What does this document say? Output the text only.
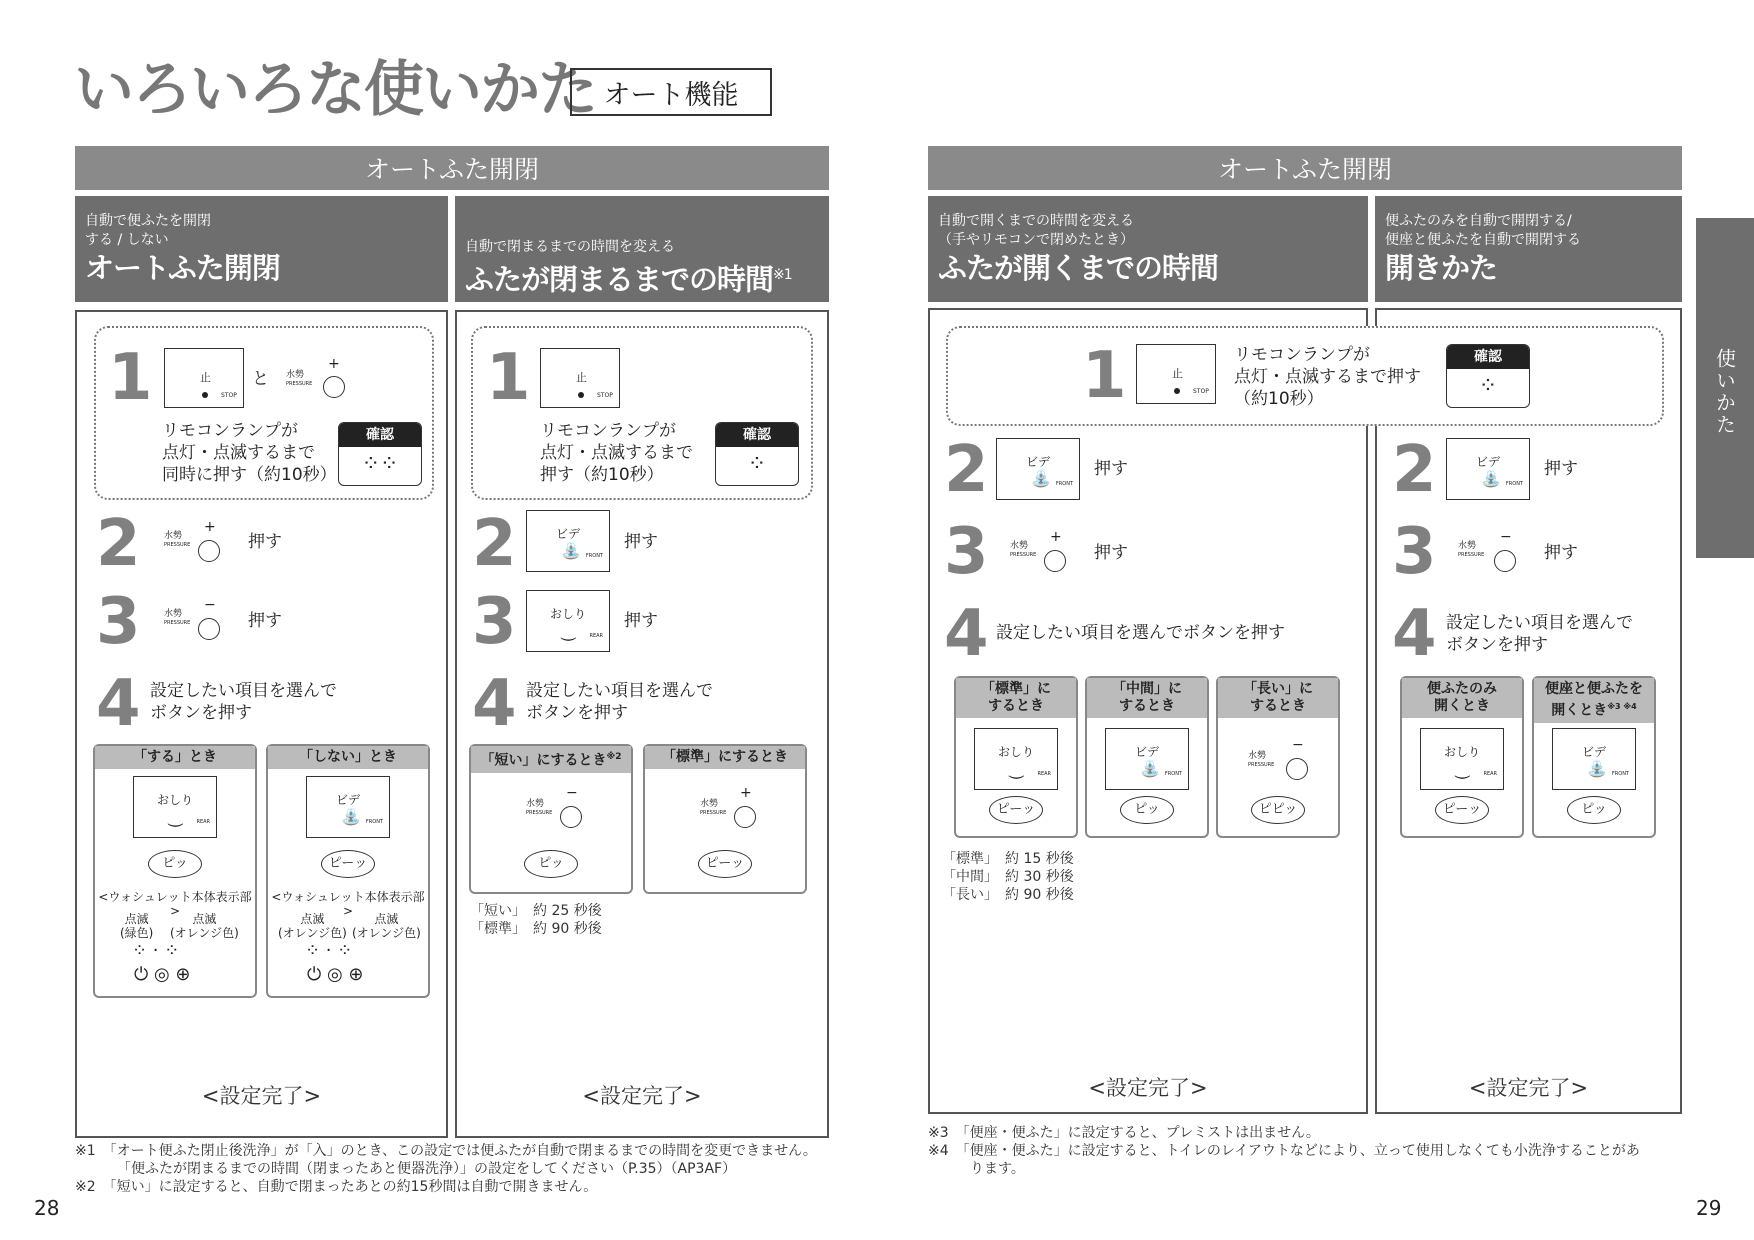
いろいろな使いかた オート機能
オートふた開閉	オートふた開閉
自動で便ふたを開閉
する / しない
オートふた開閉
1	止
STOP
と 水勢
PRESSURE
+
リモコンランプが
点灯・点滅するまで
同時に押す（約10秒）
確認
⁘⁘
2	水勢
PRESSURE
+
押す
3	水勢
PRESSURE
−
押す
4 設定したい項目を選んで
ボタンを押す
「する」とき
おしり
⏝	REAR
ピッ
<ウォシュレット本体表示部>
点滅
(緑色)
点滅
(オレンジ色)
⁘ · ⁘
⏻ ◎ ⊕
「しない」とき
ビデ
⛲ FRONT
ピーッ
<ウォシュレット本体表示部>
点滅
(オレンジ色)
点滅
(オレンジ色)
⁘ · ⁘
⏻ ◎ ⊕
<設定完了>
自動で閉まるまでの時間を変える
ふたが閉まるまでの時間$^{※1}$
1	止
STOP
リモコンランプが
点灯・点滅するまで
押す（約10秒）
確認
⁘
2	ビデ
⛲ FRONT
押す
3	おしり
⏝	REAR
押す
4 設定したい項目を選んで
ボタンを押す
「短い」にするとき$^{※2}$
水勢
PRESSURE
−
ピッ
「標準」にするとき
水勢
PRESSURE
+
ピーッ
「短い」　約 25 秒後
「標準」　約 90 秒後
<設定完了>
※1　「オート便ふた閉止後洗浄」が「入」のとき、この設定では便ふたが自動で閉まるまでの時間を変更できません。
「便ふたが閉まるまでの時間（閉まったあと便器洗浄）」の設定をしてください（P.35）（AP3AF）
※2　「短い」に設定すると、自動で閉まったあとの約15秒間は自動で開きません。
28
自動で開くまでの時間を変える
（手やリモコンで閉めたとき）
ふたが開くまでの時間
便ふたのみを自動で開閉する/
便座と便ふたを自動で開閉する
開きかた
1	止
STOP
リモコンランプが
点灯・点滅するまで押す
（約10秒）
確認
⁘
2	ビデ
⛲ FRONT
押す
3 水勢
PRESSURE
+
押す
4 設定したい項目を選んでボタンを押す
「標準」に
するとき
おしり
⏝	REAR
ピーッ
「中間」に
するとき
ビデ
⛲ FRONT
ピッ
「長い」に
するとき
水勢
PRESSURE
−
ピピッ
「標準」　約 15 秒後
「中間」　約 30 秒後
「長い」　約 90 秒後
<設定完了>
2	ビデ
⛲ FRONT
押す
3 水勢
PRESSURE
−
押す
4 設定したい項目を選んで
ボタンを押す
便ふたのみ
開くとき
おしり
⏝	REAR
ピーッ
便座と便ふたを
開くとき$^{※3 ※4}$
ビデ
⛲ FRONT
ピッ
<設定完了>
※3　「便座・便ふた」に設定すると、プレミストは出ません。
※4　「便座・便ふた」に設定すると、トイレのレイアウトなどにより、立って使用しなくても小洗浄することがあ
ります。
29
使いかた
